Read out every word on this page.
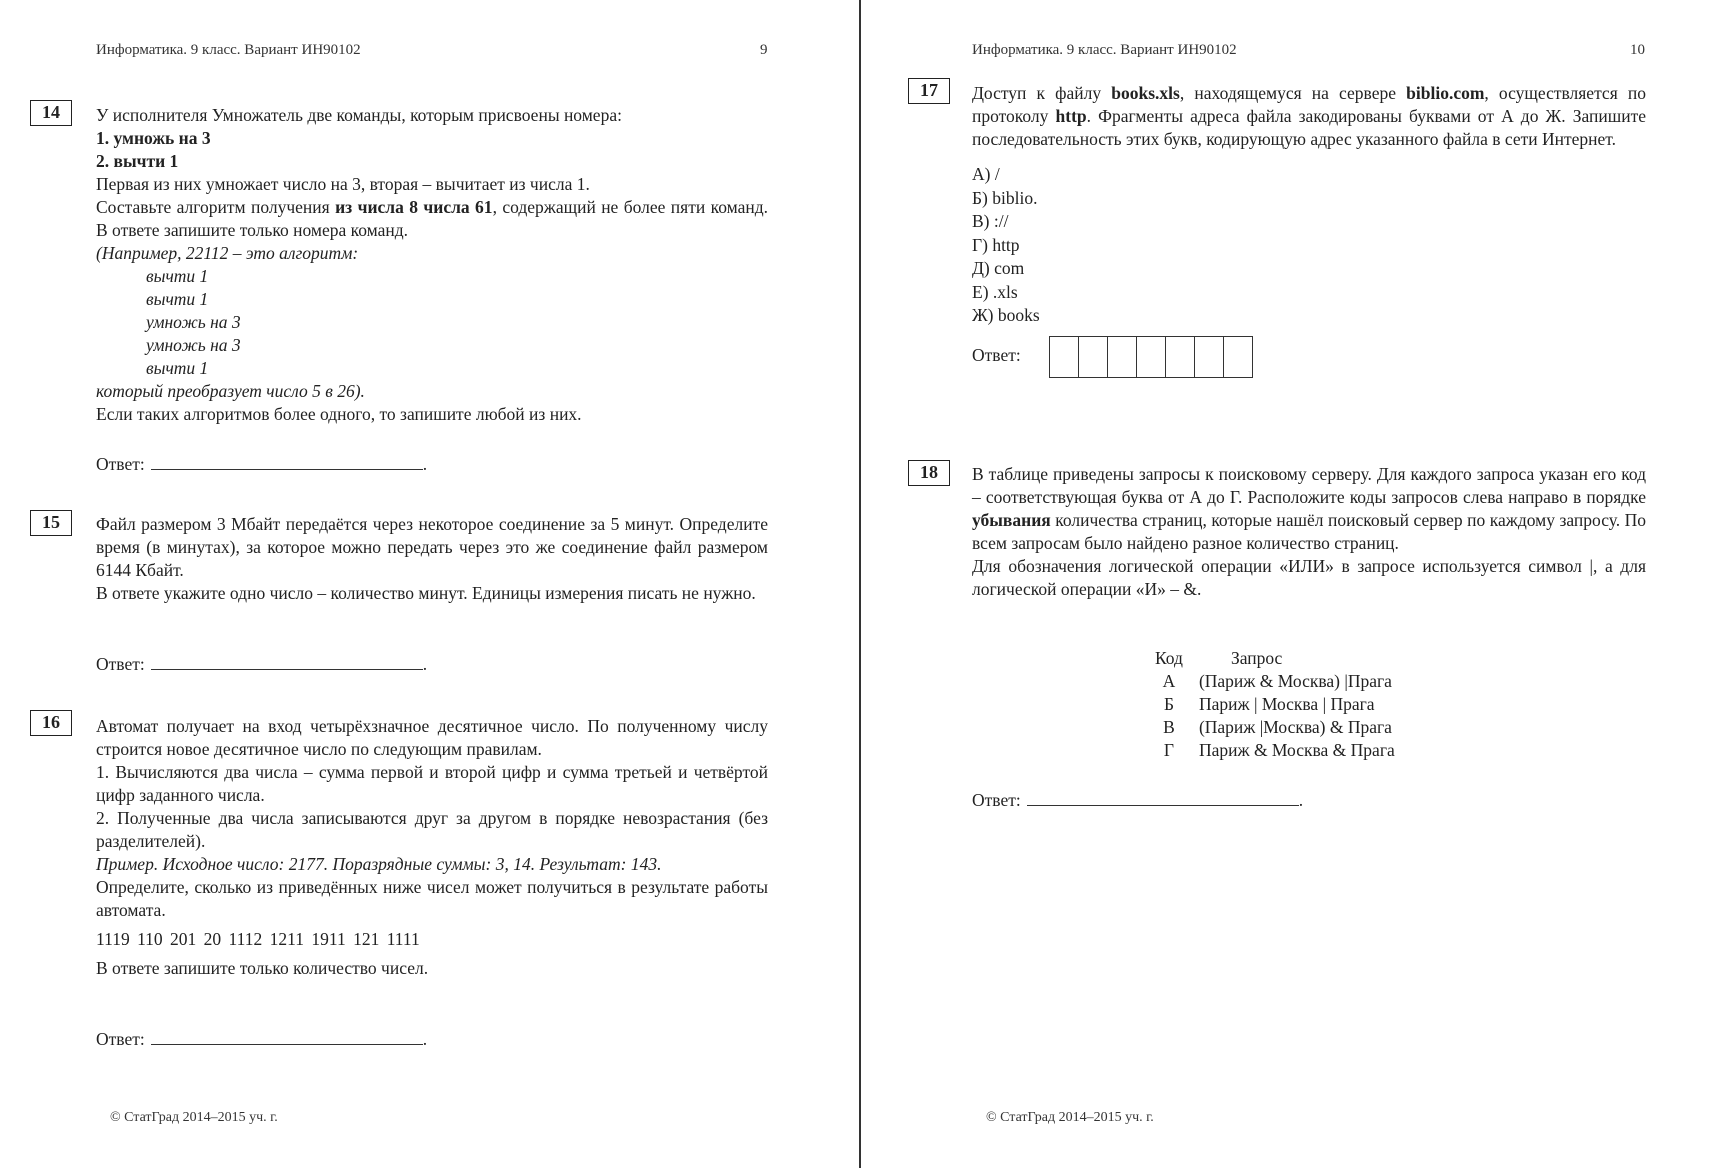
Информатика. 9 класс. Вариант ИН90102	9
14	У исполнителя Умножатель две команды, которым присвоены номера:

1. умножь на 3

2. вычти 1

Первая из них умножает число на 3, вторая – вычитает из числа 1.

Составьте алгоритм получения из числа 8 числа 61, содержащий не более пяти команд. В ответе запишите только номера команд.

(Например, 22112 – это алгоритм:

вычти 1

вычти 1

умножь на 3

умножь на 3

вычти 1

который преобразует число 5 в 26).

Если таких алгоритмов более одного, то запишите любой из них.

Ответ:	.
15	Файл размером 3 Мбайт передаётся через некоторое соединение за 5 минут. Определите время (в минутах), за которое можно передать через это же соединение файл размером 6144 Кбайт.

В ответе укажите одно число – количество минут. Единицы измерения писать не нужно.

Ответ:	.
16	Автомат получает на вход четырёхзначное десятичное число. По полученному числу строится новое десятичное число по следующим правилам.

1. Вычисляются два числа – сумма первой и второй цифр и сумма третьей и четвёртой цифр заданного числа.

2. Полученные два числа записываются друг за другом в порядке невозрастания (без разделителей).

Пример. Исходное число: 2177. Поразрядные суммы: 3, 14. Результат: 143.

Определите, сколько из приведённых ниже чисел может получиться в результате работы автомата.

1119 110 201 20 1112 1211 1911 121 1111

В ответе запишите только количество чисел.

Ответ:	.
© СтатГрад 2014–2015 уч. г.
Информатика. 9 класс. Вариант ИН90102	10
17	Доступ к файлу books.xls, находящемуся на сервере biblio.com, осуществляется по протоколу http. Фрагменты адреса файла закодированы буквами от А до Ж. Запишите последовательность этих букв, кодирующую адрес указанного файла в сети Интернет.

А) /

Б) biblio.

В) ://

Г) http

Д) com

Е) .xls

Ж) books

Ответ:
18	В таблице приведены запросы к поисковому серверу. Для каждого запроса указан его код – соответствующая буква от А до Г. Расположите коды запросов слева направо в порядке убывания количества страниц, которые нашёл поисковый сервер по каждому запросу. По всем запросам было найдено разное количество страниц.

Для обозначения логической операции «ИЛИ» в запросе используется символ |, а для логической операции «И» – &.

Код	Запрос
А	(Париж & Москва) |Прага
Б	Париж | Москва | Прага
В	(Париж |Москва) & Прага
Г	Париж & Москва & Прага
Ответ:	.
© СтатГрад 2014–2015 уч. г.
